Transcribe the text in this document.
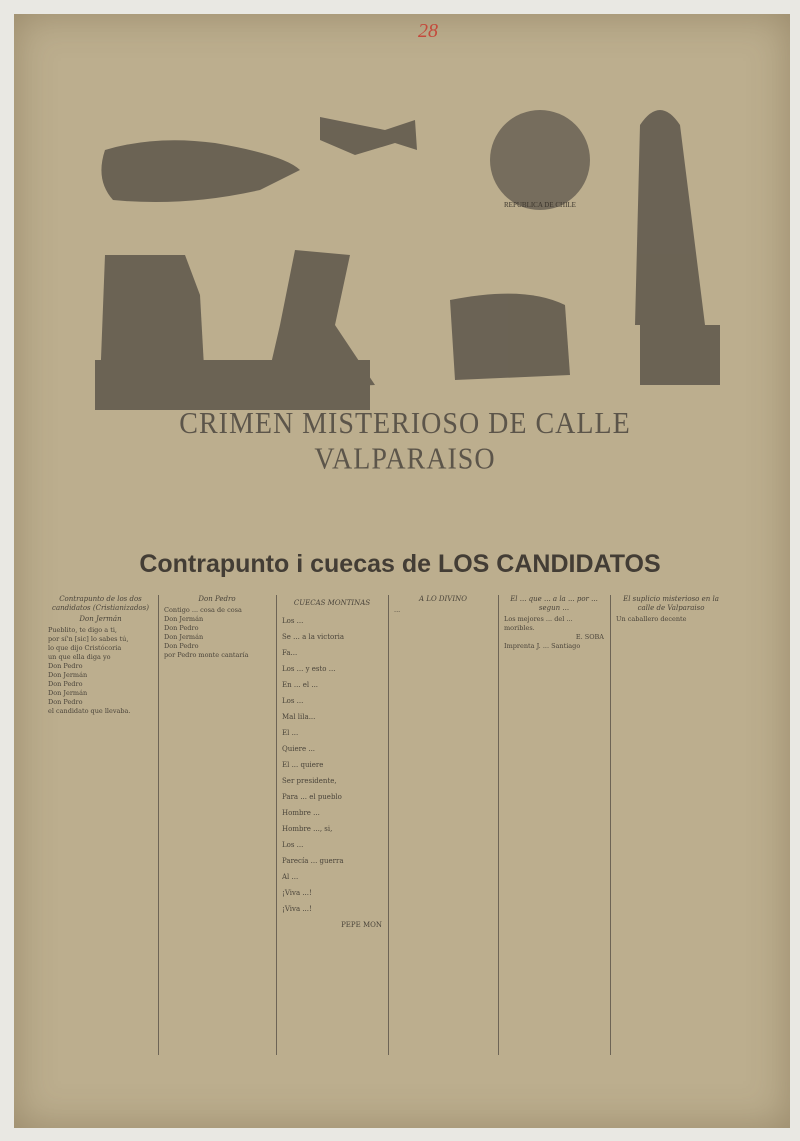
28
REPUBLICA DE CHILE
CRIMEN MISTERIOSO DE CALLE VALPARAISO
Contrapunto i cuecas de LOS CANDIDATOS
Contrapunto de los dos candidatos (Cristianizados)
Don Jermán

Pueblito, te digo a ti,

por sí'n [sic] lo sabes tú,

lo que dijo Cristócoria

un que ella diga yo

Don Pedro

Don Jermán

Don Pedro

Don Jermán

Don Pedro

el candidato que llevaba.

Don Pedro

Contigo ... cosa de cosa

Don Jermán

Don Pedro

Don Jermán

Don Pedro

por Pedro monte cantaría

CUECAS MONTINAS

Los ...

Se ... a la victoria

Fa...

Los ... y esto ...

En ... el ...

Los ...

Mal lila...

El ...

Quiere ...

El ... quiere

Ser presidente,

Para ... el pueblo

Hombre ...

Hombre ..., si,

Los ...

Parecía ... guerra

Al ...

¡Viva ...!

¡Viva ...!

PEPE MON

A LO DIVINO

...

El ... que ... a la ... por ... segun ...

Los mejores ... del ... moribles.

E. SOBA

Imprenta J. ... Santiago

El suplicio misterioso en la calle de Valparaiso

Un caballero decente
